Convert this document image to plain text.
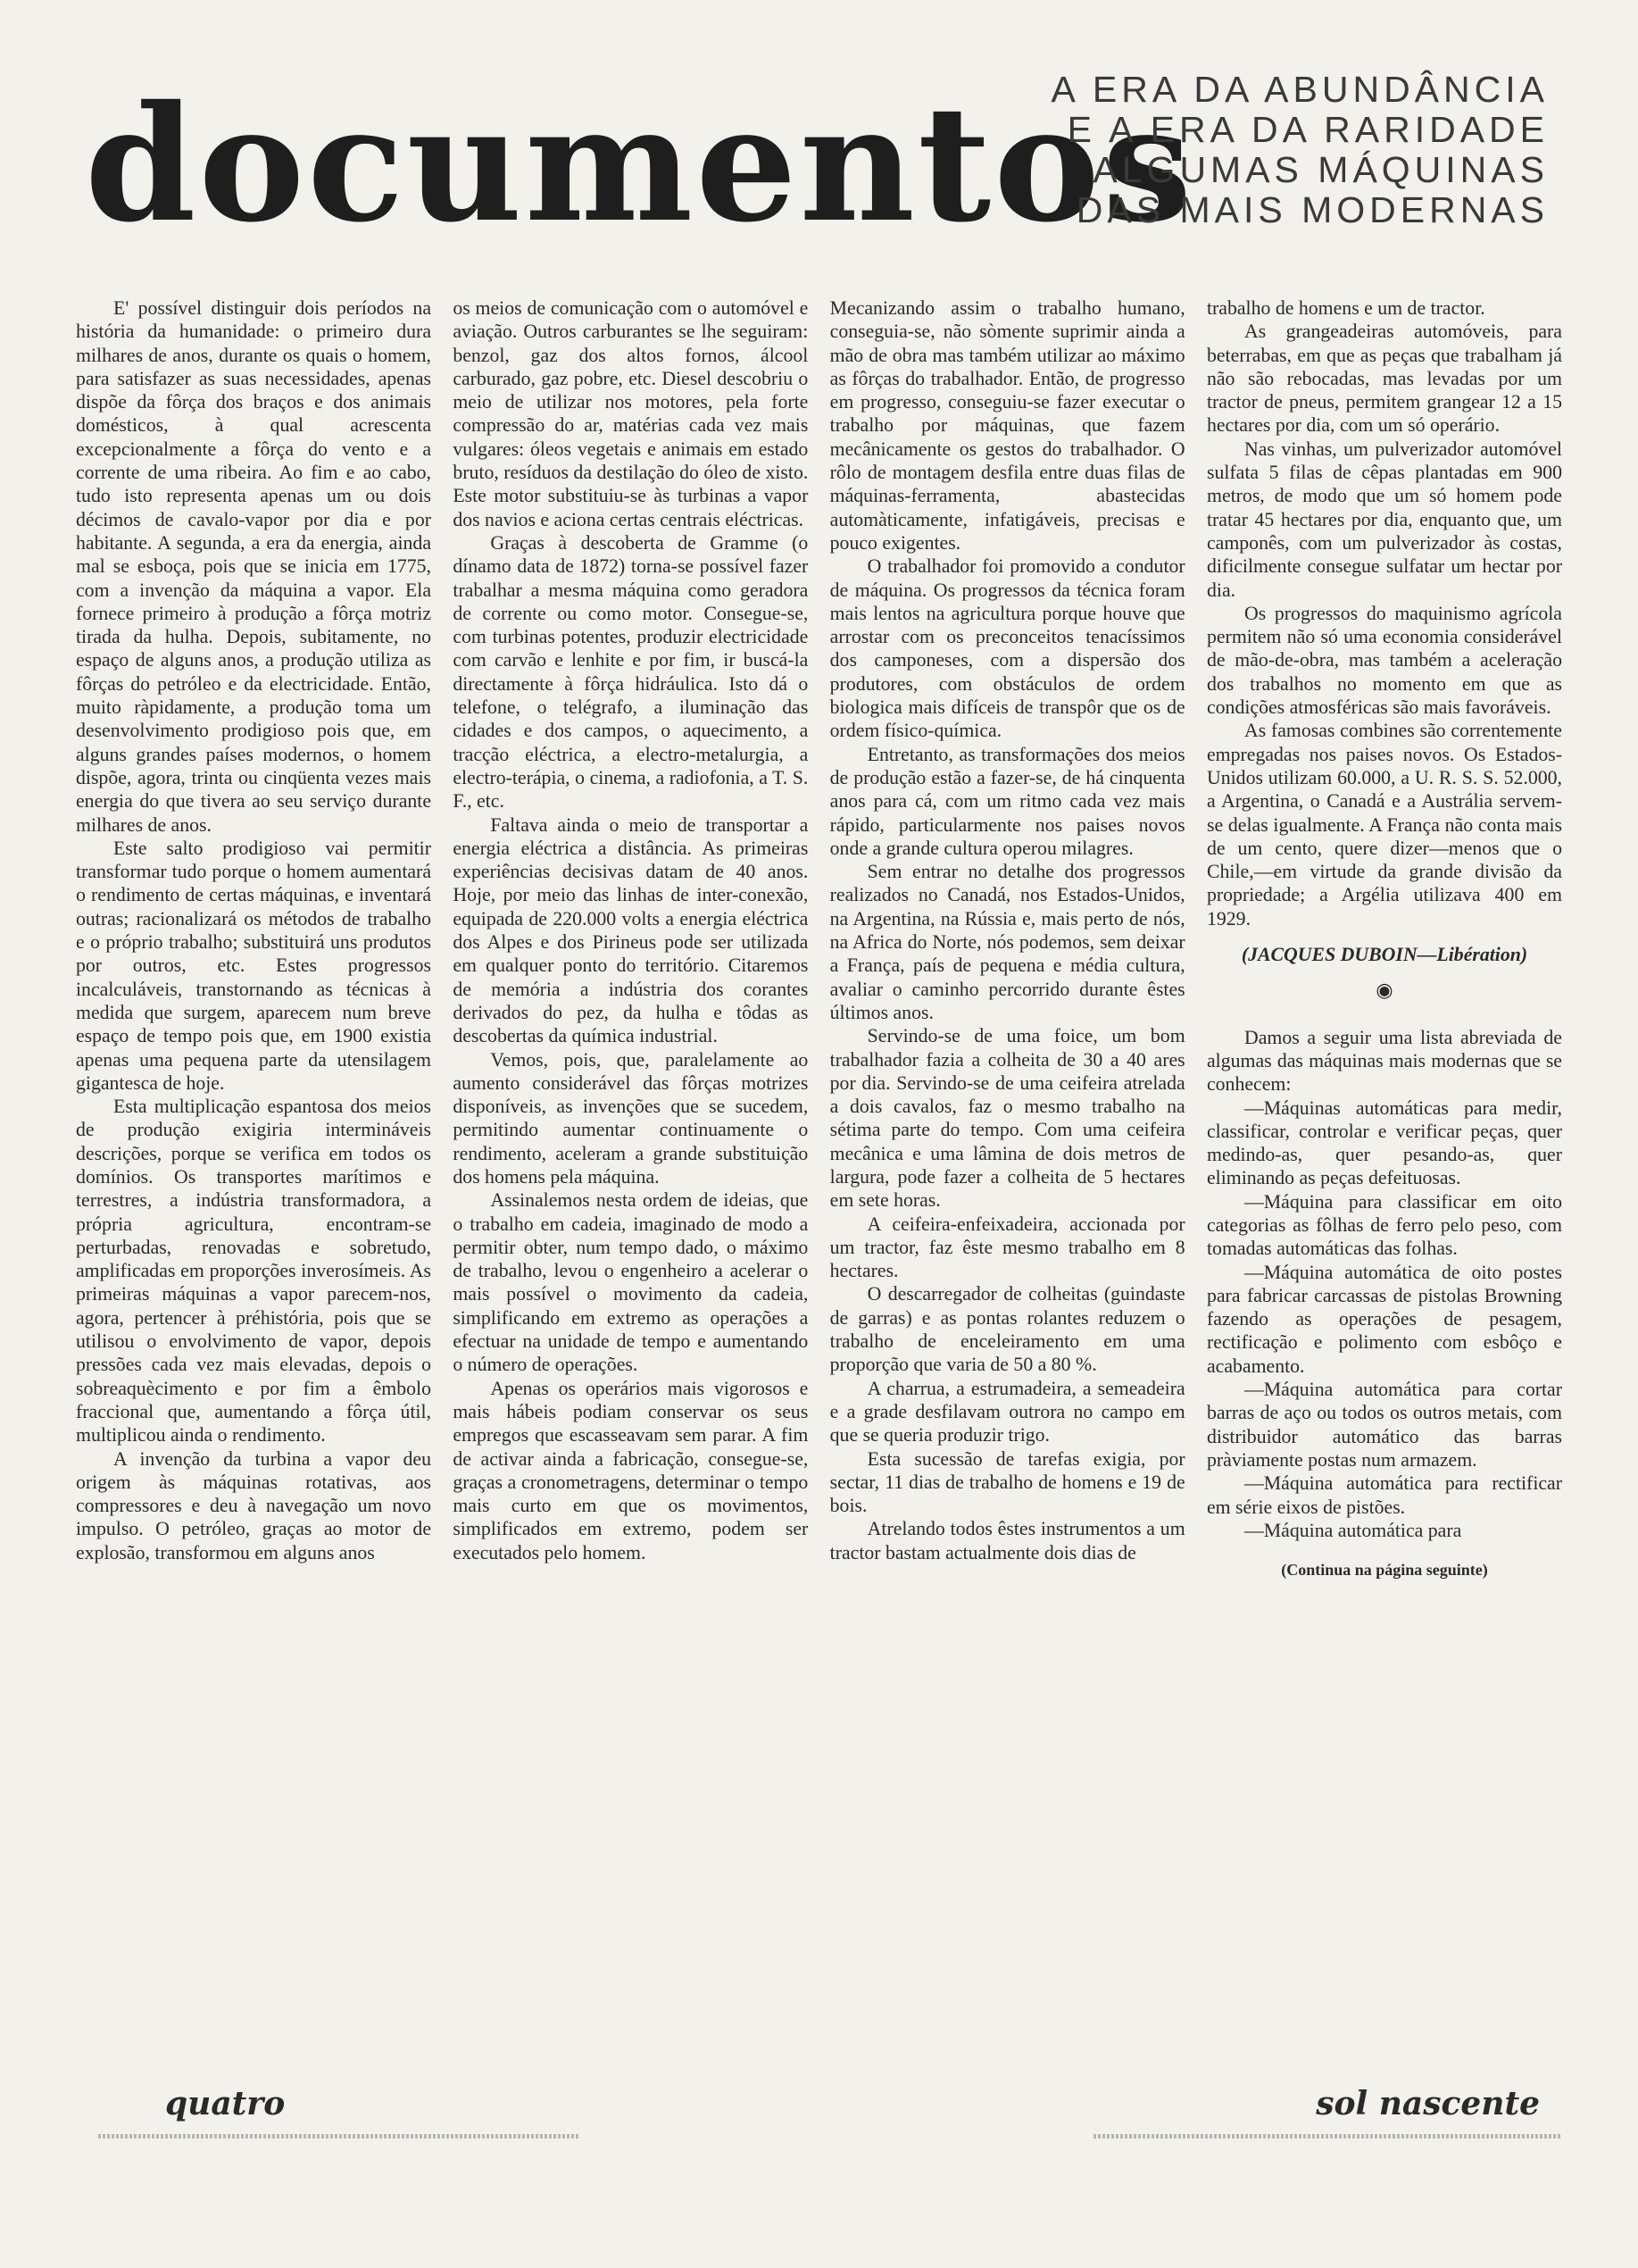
documentos
A ERA DA ABUNDÂNCIA
E A ERA DA RARIDADE
ALGUMAS MÁQUINAS
DAS MAIS MODERNAS

E' possível distinguir dois períodos na história da humanidade: o primeiro dura milhares de anos, durante os quais o homem, para satisfazer as suas necessidades, apenas dispõe da fôrça dos braços e dos animais domésticos, à qual acrescenta excepcionalmente a fôrça do vento e a corrente de uma ribeira. Ao fim e ao cabo, tudo isto representa apenas um ou dois décimos de cavalo-vapor por dia e por habitante. A segunda, a era da energia, ainda mal se esboça, pois que se inicia em 1775, com a invenção da máquina a vapor. Ela fornece primeiro à produção a fôrça motriz tirada da hulha. Depois, subitamente, no espaço de alguns anos, a produção utiliza as fôrças do petróleo e da electricidade. Então, muito ràpidamente, a produção toma um desenvolvimento prodigioso pois que, em alguns grandes países modernos, o homem dispõe, agora, trinta ou cinqüenta vezes mais energia do que tivera ao seu serviço durante milhares de anos.

Este salto prodigioso vai permitir transformar tudo porque o homem aumentará o rendimento de certas máquinas, e inventará outras; racionalizará os métodos de trabalho e o próprio trabalho; substituirá uns produtos por outros, etc. Estes progressos incalculáveis, transtornando as técnicas à medida que surgem, aparecem num breve espaço de tempo pois que, em 1900 existia apenas uma pequena parte da utensilagem gigantesca de hoje.

Esta multiplicação espantosa dos meios de produção exigiria intermináveis descrições, porque se verifica em todos os domínios. Os transportes marítimos e terrestres, a indústria transformadora, a própria agricultura, encontram-se perturbadas, renovadas e sobretudo, amplificadas em proporções inverosímeis. As primeiras máquinas a vapor parecem-nos, agora, pertencer à préhistória, pois que se utilisou o envolvimento de vapor, depois pressões cada vez mais elevadas, depois o sobreaquècimento e por fim a êmbolo fraccional que, aumentando a fôrça útil, multiplicou ainda o rendimento.

A invenção da turbina a vapor deu origem às máquinas rotativas, aos compressores e deu à navegação um novo impulso. O petróleo, graças ao motor de explosão, transformou em alguns anos

os meios de comunicação com o automóvel e aviação. Outros carburantes se lhe seguiram: benzol, gaz dos altos fornos, álcool carburado, gaz pobre, etc. Diesel descobriu o meio de utilizar nos motores, pela forte compressão do ar, matérias cada vez mais vulgares: óleos vegetais e animais em estado bruto, resíduos da destilação do óleo de xisto. Este motor substituiu-se às turbinas a vapor dos navios e aciona certas centrais eléctricas.

Graças à descoberta de Gramme (o dínamo data de 1872) torna-se possível fazer trabalhar a mesma máquina como geradora de corrente ou como motor. Consegue-se, com turbinas potentes, produzir electricidade com carvão e lenhite e por fim, ir buscá-la directamente à fôrça hidráulica. Isto dá o telefone, o telégrafo, a iluminação das cidades e dos campos, o aquecimento, a tracção eléctrica, a electro-metalurgia, a electro-terápia, o cinema, a radiofonia, a T. S. F., etc.

Faltava ainda o meio de transportar a energia eléctrica a distância. As primeiras experiências decisivas datam de 40 anos. Hoje, por meio das linhas de inter-conexão, equipada de 220.000 volts a energia eléctrica dos Alpes e dos Pirineus pode ser utilizada em qualquer ponto do território. Citaremos de memória a indústria dos corantes derivados do pez, da hulha e tôdas as descobertas da química industrial.

Vemos, pois, que, paralelamente ao aumento considerável das fôrças motrizes disponíveis, as invenções que se sucedem, permitindo aumentar continuamente o rendimento, aceleram a grande substituição dos homens pela máquina.

Assinalemos nesta ordem de ideias, que o trabalho em cadeia, imaginado de modo a permitir obter, num tempo dado, o máximo de trabalho, levou o engenheiro a acelerar o mais possível o movimento da cadeia, simplificando em extremo as operações a efectuar na unidade de tempo e aumentando o número de operações.

Apenas os operários mais vigorosos e mais hábeis podiam conservar os seus empregos que escasseavam sem parar. A fim de activar ainda a fabricação, consegue-se, graças a cronometragens, determinar o tempo mais curto em que os movimentos, simplificados em extremo, podem ser executados pelo homem.

Mecanizando assim o trabalho humano, conseguia-se, não sòmente suprimir ainda a mão de obra mas também utilizar ao máximo as fôrças do trabalhador. Então, de progresso em progresso, conseguiu-se fazer executar o trabalho por máquinas, que fazem mecânicamente os gestos do trabalhador. O rôlo de montagem desfila entre duas filas de máquinas-ferramenta, abastecidas automàticamente, infatigáveis, precisas e pouco exigentes.

O trabalhador foi promovido a condutor de máquina. Os progressos da técnica foram mais lentos na agricultura porque houve que arrostar com os preconceitos tenacíssimos dos camponeses, com a dispersão dos produtores, com obstáculos de ordem biologica mais difíceis de transpôr que os de ordem físico-química.

Entretanto, as transformações dos meios de produção estão a fazer-se, de há cinquenta anos para cá, com um ritmo cada vez mais rápido, particularmente nos paises novos onde a grande cultura operou milagres.

Sem entrar no detalhe dos progressos realizados no Canadá, nos Estados-Unidos, na Argentina, na Rússia e, mais perto de nós, na Africa do Norte, nós podemos, sem deixar a França, país de pequena e média cultura, avaliar o caminho percorrido durante êstes últimos anos.

Servindo-se de uma foice, um bom trabalhador fazia a colheita de 30 a 40 ares por dia. Servindo-se de uma ceifeira atrelada a dois cavalos, faz o mesmo trabalho na sétima parte do tempo. Com uma ceifeira mecânica e uma lâmina de dois metros de largura, pode fazer a colheita de 5 hectares em sete horas.

A ceifeira-enfeixadeira, accionada por um tractor, faz êste mesmo trabalho em 8 hectares.

O descarregador de colheitas (guindaste de garras) e as pontas rolantes reduzem o trabalho de enceleiramento em uma proporção que varia de 50 a 80 %.

A charrua, a estrumadeira, a semeadeira e a grade desfilavam outrora no campo em que se queria produzir trigo.

Esta sucessão de tarefas exigia, por sectar, 11 dias de trabalho de homens e 19 de bois.

Atrelando todos êstes instrumentos a um tractor bastam actualmente dois dias de

trabalho de homens e um de tractor.

As grangeadeiras automóveis, para beterrabas, em que as peças que trabalham já não são rebocadas, mas levadas por um tractor de pneus, permitem grangear 12 a 15 hectares por dia, com um só operário.

Nas vinhas, um pulverizador automóvel sulfata 5 filas de cêpas plantadas em 900 metros, de modo que um só homem pode tratar 45 hectares por dia, enquanto que, um camponês, com um pulverizador às costas, dificilmente consegue sulfatar um hectar por dia.

Os progressos do maquinismo agrícola permitem não só uma economia considerável de mão-de-obra, mas também a aceleração dos trabalhos no momento em que as condições atmosféricas são mais favoráveis.

As famosas combines são correntemente empregadas nos paises novos. Os Estados-Unidos utilizam 60.000, a U. R. S. S. 52.000, a Argentina, o Canadá e a Austrália servem-se delas igualmente. A França não conta mais de um cento, quere dizer—menos que o Chile,—em virtude da grande divisão da propriedade; a Argélia utilizava 400 em 1929.

(JACQUES DUBOIN—Libération)

◉

Damos a seguir uma lista abreviada de algumas das máquinas mais modernas que se conhecem:

—Máquinas automáticas para medir, classificar, controlar e verificar peças, quer medindo-as, quer pesando-as, quer eliminando as peças defeituosas.

—Máquina para classificar em oito categorias as fôlhas de ferro pelo peso, com tomadas automáticas das folhas.

—Máquina automática de oito postes para fabricar carcassas de pistolas Browning fazendo as operações de pesagem, rectificação e polimento com esbôço e acabamento.

—Máquina automática para cortar barras de aço ou todos os outros metais, com distribuidor automático das barras pràviamente postas num armazem.

—Máquina automática para rectificar em série eixos de pistões.

—Máquina automática para

(Continua na página seguinte)

quatro	sol nascente
